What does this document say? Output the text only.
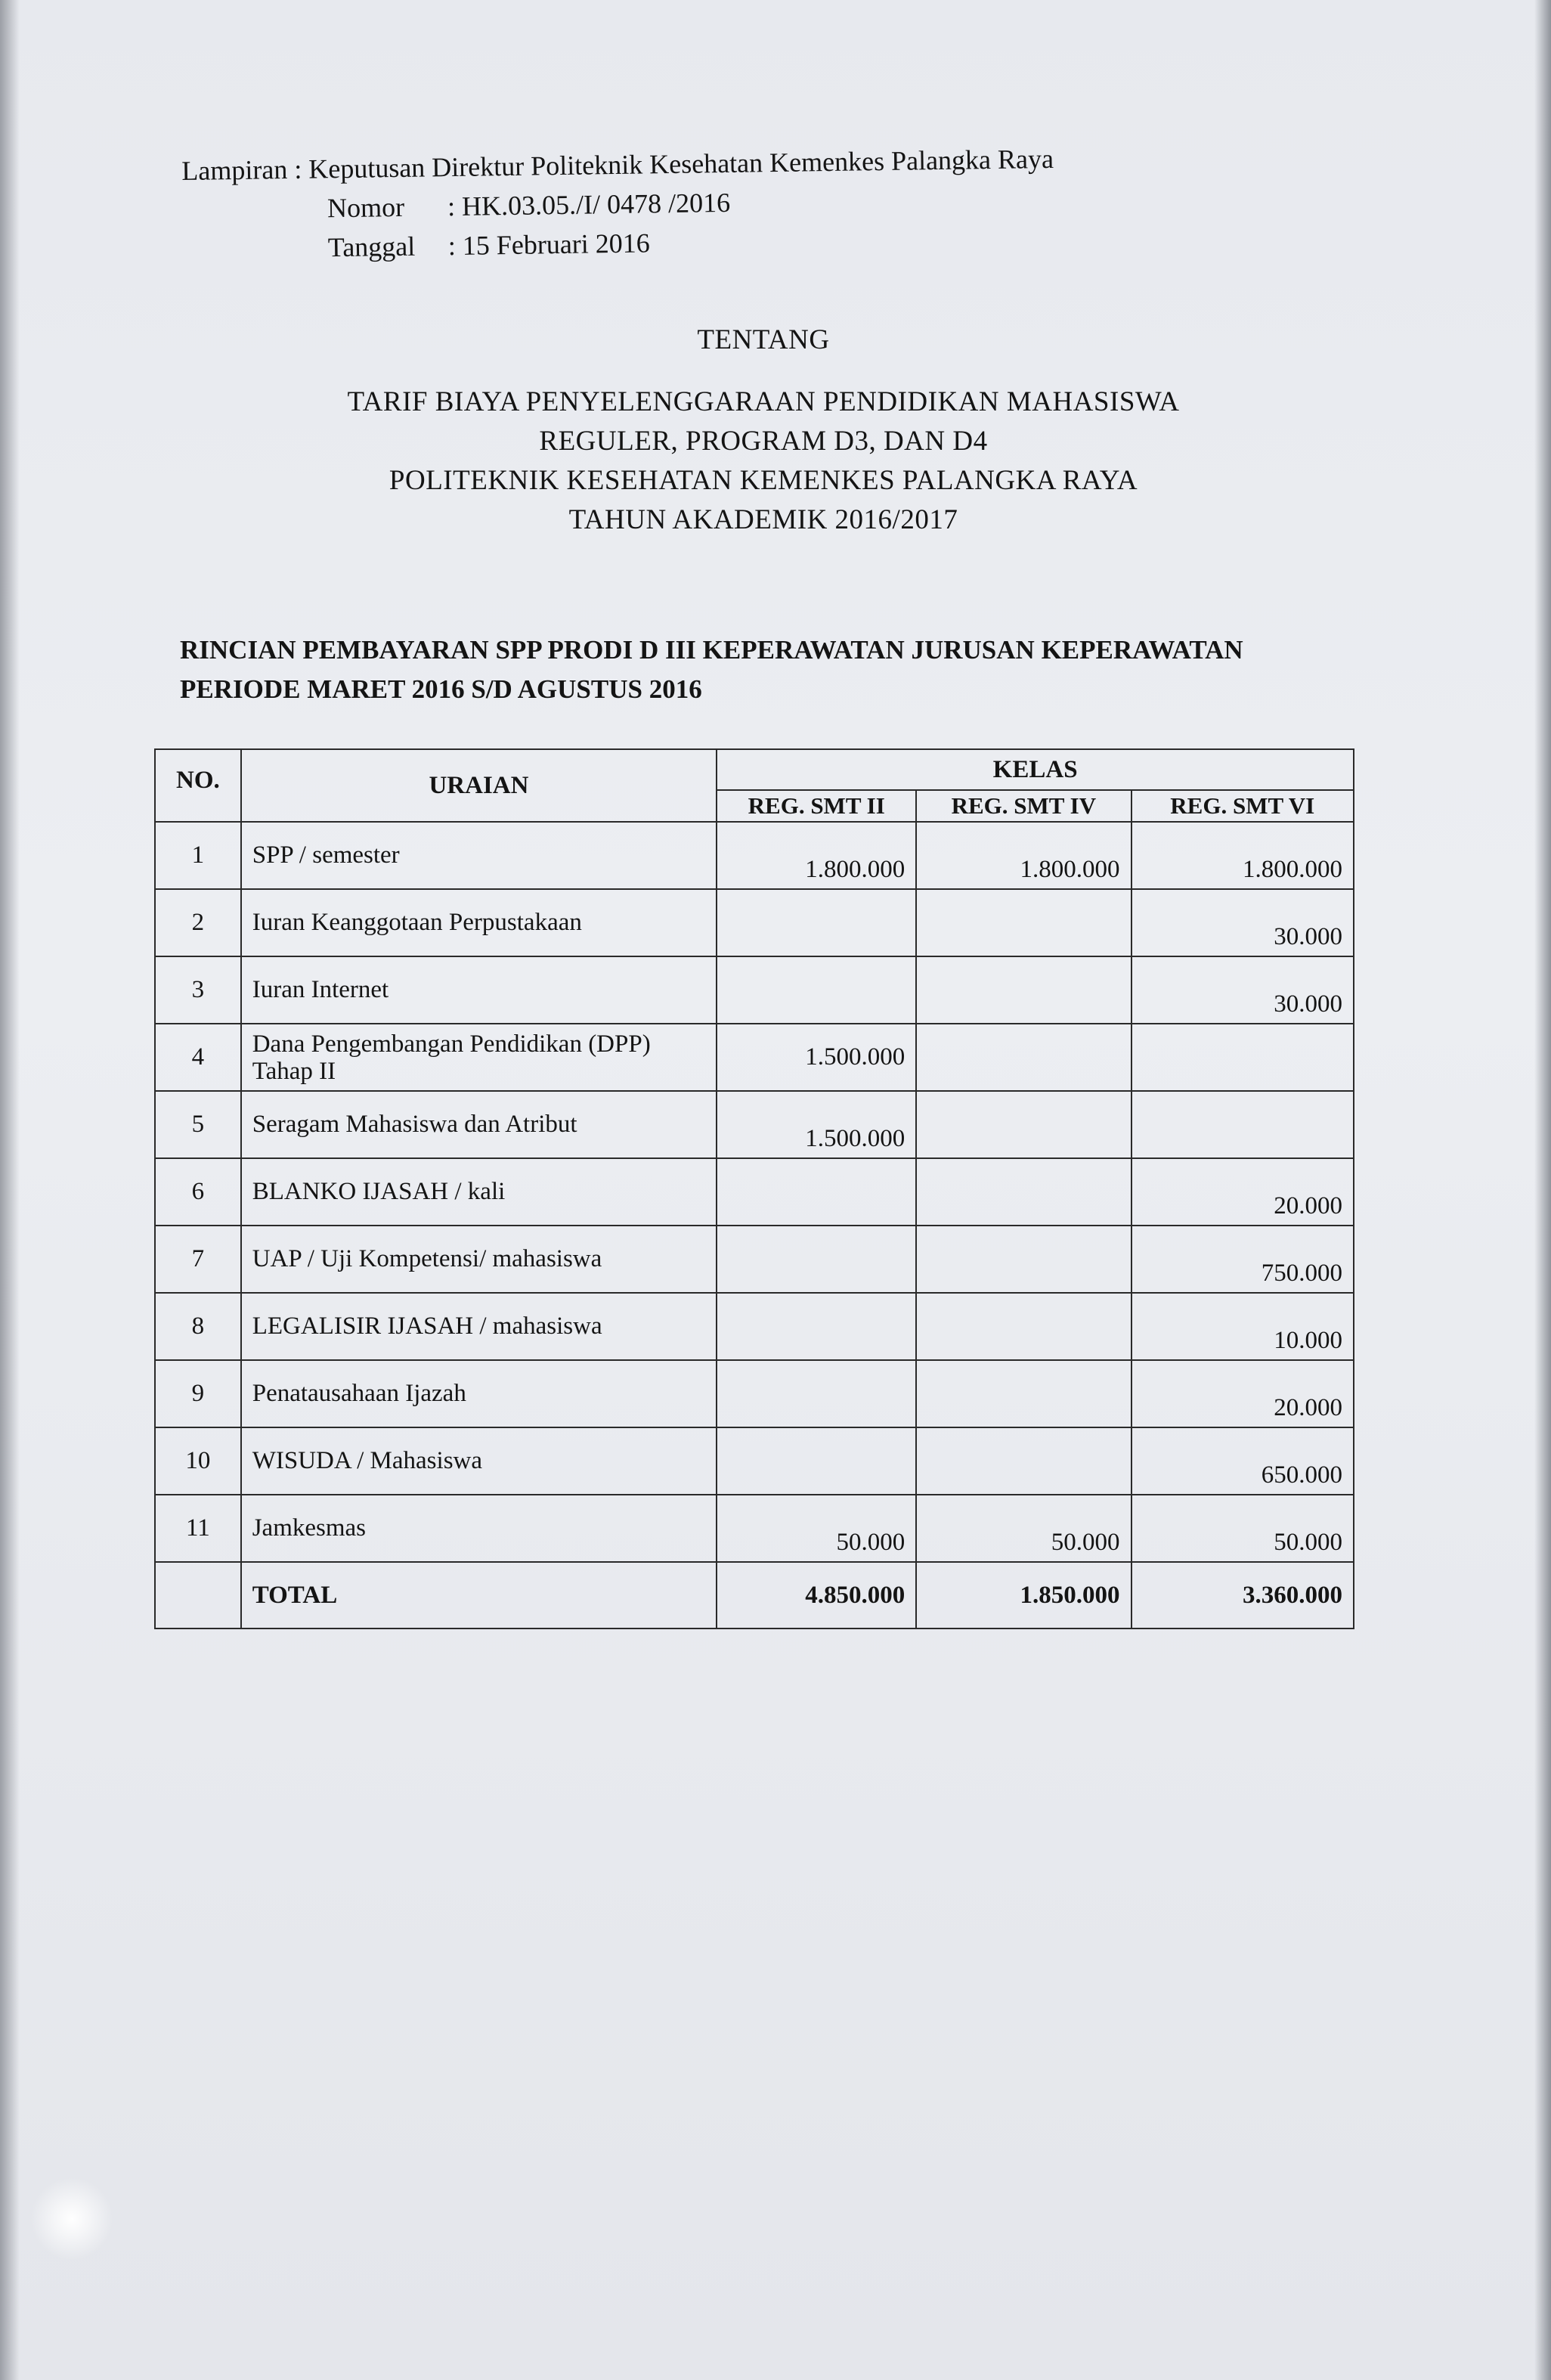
Lampiran : Keputusan Direktur Politeknik Kesehatan Kemenkes Palangka Raya
Nomor : HK.03.05./I/ 0478 /2016
Tanggal : 15 Februari 2016
TENTANG
TARIF BIAYA PENYELENGGARAAN PENDIDIKAN MAHASISWA
REGULER, PROGRAM D3, DAN D4
POLITEKNIK KESEHATAN KEMENKES PALANGKA RAYA
TAHUN AKADEMIK 2016/2017
RINCIAN PEMBAYARAN SPP PRODI D III KEPERAWATAN JURUSAN KEPERAWATAN
PERIODE MARET 2016 S/D AGUSTUS 2016
NO.	URAIAN	KELAS		
		REG. SMT II	REG. SMT IV	REG. SMT VI
1	SPP / semester	1.800.000	1.800.000	1.800.000
2	Iuran Keanggotaan Perpustakaan			30.000
3	Iuran Internet			30.000
4	Dana Pengembangan Pendidikan (DPP) Tahap II	1.500.000		
5	Seragam Mahasiswa dan Atribut	1.500.000		
6	BLANKO IJASAH / kali			20.000
7	UAP / Uji Kompetensi/ mahasiswa			750.000
8	LEGALISIR IJASAH / mahasiswa			10.000
9	Penatausahaan Ijazah			20.000
10	WISUDA / Mahasiswa			650.000
11	Jamkesmas	50.000	50.000	50.000
	TOTAL	4.850.000	1.850.000	3.360.000
